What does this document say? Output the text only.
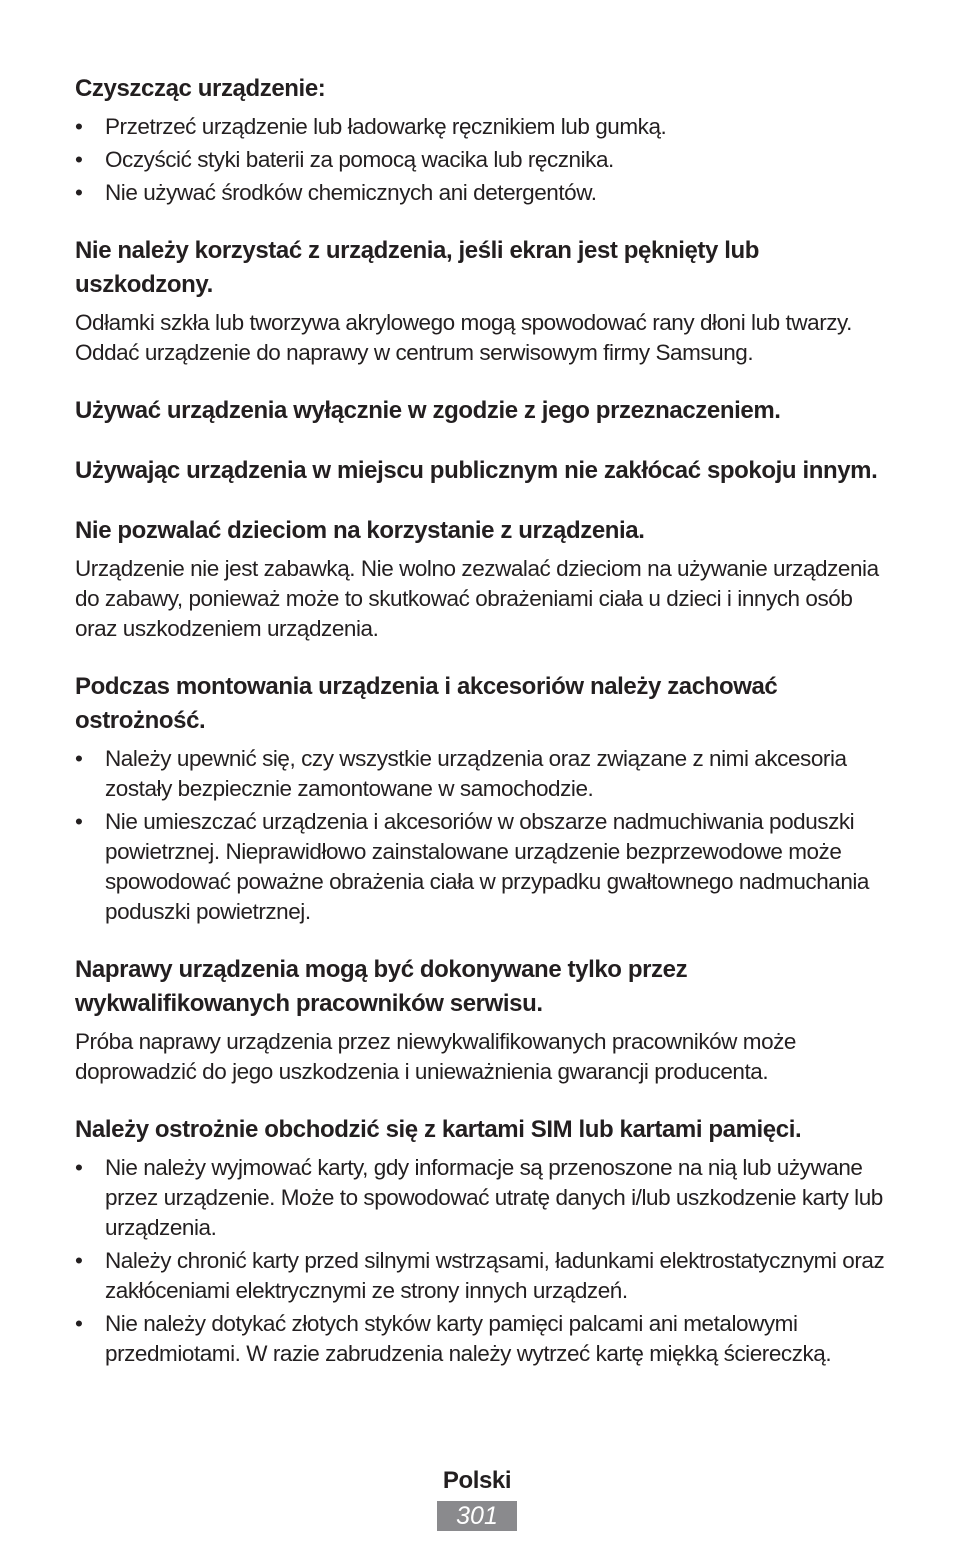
Czyszcząc urządzenie:
•	Przetrzeć urządzenie lub ładowarkę ręcznikiem lub gumką.
•	Oczyścić styki baterii za pomocą wacika lub ręcznika.
•	Nie używać środków chemicznych ani detergentów.
Nie należy korzystać z urządzenia, jeśli ekran jest pęknięty lub uszkodzony.

Odłamki szkła lub tworzywa akrylowego mogą spowodować rany dłoni lub twarzy. Oddać urządzenie do naprawy w centrum serwisowym firmy Samsung.

Używać urządzenia wyłącznie w zgodzie z jego przeznaczeniem.
Używając urządzenia w miejscu publicznym nie zakłócać spokoju innym.
Nie pozwalać dzieciom na korzystanie z urządzenia.

Urządzenie nie jest zabawką. Nie wolno zezwalać dzieciom na używanie urządzenia do zabawy, ponieważ może to skutkować obrażeniami ciała u dzieci i innych osób oraz uszkodzeniem urządzenia.

Podczas montowania urządzenia i akcesoriów należy zachować ostrożność.
•	Należy upewnić się, czy wszystkie urządzenia oraz związane z nimi akcesoria zostały bezpiecznie zamontowane w samochodzie.
•	Nie umieszczać urządzenia i akcesoriów w obszarze nadmuchiwania poduszki powietrznej. Nieprawidłowo zainstalowane urządzenie bezprzewodowe może spowodować poważne obrażenia ciała w przypadku gwałtownego nadmuchania poduszki powietrznej.
Naprawy urządzenia mogą być dokonywane tylko przez wykwalifikowanych pracowników serwisu.

Próba naprawy urządzenia przez niewykwalifikowanych pracowników może doprowadzić do jego uszkodzenia i unieważnienia gwarancji producenta.

Należy ostrożnie obchodzić się z kartami SIM lub kartami pamięci.
•	Nie należy wyjmować karty, gdy informacje są przenoszone na nią lub używane przez urządzenie. Może to spowodować utratę danych i/lub uszkodzenie karty lub urządzenia.
•	Należy chronić karty przed silnymi wstrząsami, ładunkami elektrostatycznymi oraz zakłóceniami elektrycznymi ze strony innych urządzeń.
•	Nie należy dotykać złotych styków karty pamięci palcami ani metalowymi przedmiotami. W razie zabrudzenia należy wytrzeć kartę miękką ściereczką.
Polski
301
